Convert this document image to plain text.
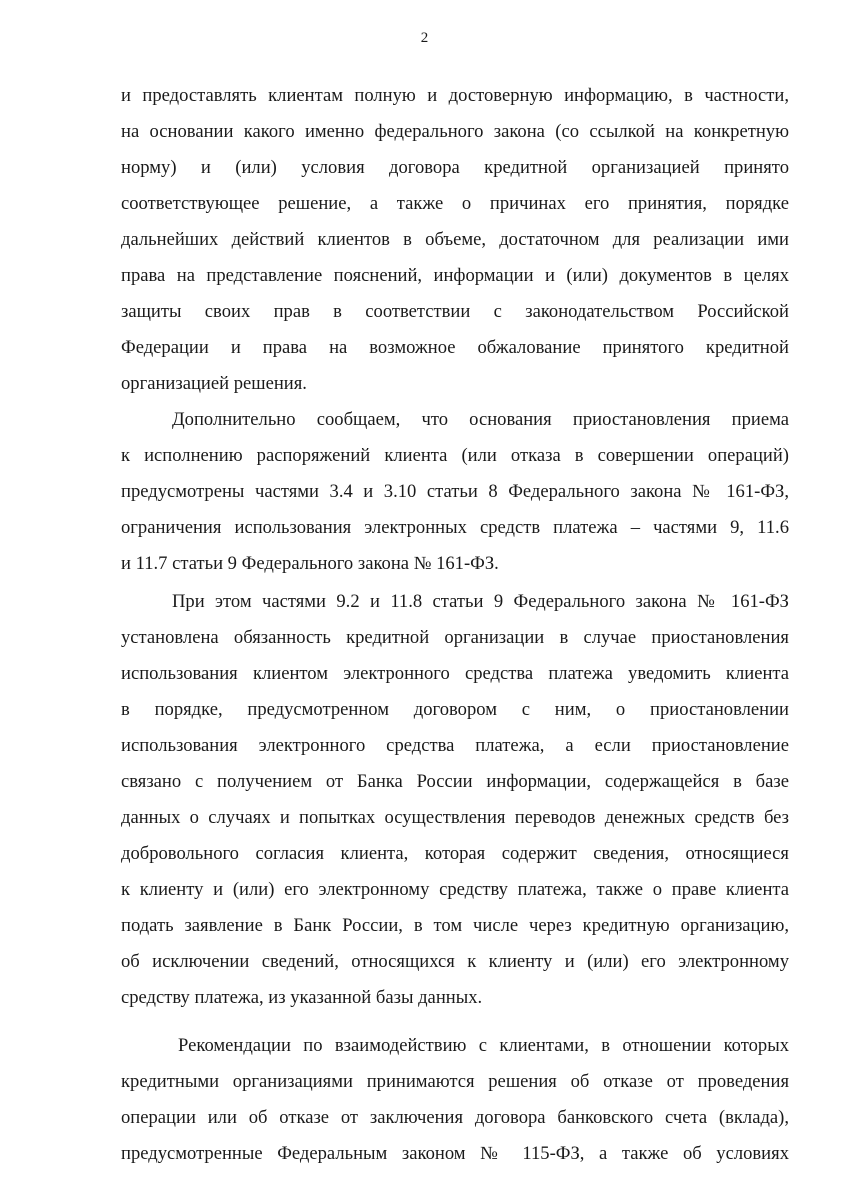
2

и предоставлять клиентам полную и достоверную информацию, в частности,
на основании какого именно федерального закона (со ссылкой на конкретную
норму) и (или) условия договора кредитной организацией принято
соответствующее решение, а также о причинах его принятия, порядке
дальнейших действий клиентов в объеме, достаточном для реализации ими
права на представление пояснений, информации и (или) документов в целях
защиты своих прав в соответствии с законодательством Российской
Федерации и права на возможное обжалование принятого кредитной
организацией решения.

Дополнительно сообщаем, что основания приостановления приема
к исполнению распоряжений клиента (или отказа в совершении операций)
предусмотрены частями 3.4 и 3.10 статьи 8 Федерального закона № 161-ФЗ,
ограничения использования электронных средств платежа – частями 9, 11.6
и 11.7 статьи 9 Федерального закона № 161-ФЗ.

При этом частями 9.2 и 11.8 статьи 9 Федерального закона № 161-ФЗ
установлена обязанность кредитной организации в случае приостановления
использования клиентом электронного средства платежа уведомить клиента
в порядке, предусмотренном договором с ним, о приостановлении
использования электронного средства платежа, а если приостановление
связано с получением от Банка России информации, содержащейся в базе
данных о случаях и попытках осуществления переводов денежных средств без
добровольного согласия клиента, которая содержит сведения, относящиеся
к клиенту и (или) его электронному средству платежа, также о праве клиента
подать заявление в Банк России, в том числе через кредитную организацию,
об исключении сведений, относящихся к клиенту и (или) его электронному
средству платежа, из указанной базы данных.

Рекомендации по взаимодействию с клиентами, в отношении которых
кредитными организациями принимаются решения об отказе от проведения
операции или об отказе от заключения договора банковского счета (вклада),
предусмотренные Федеральным законом № 115-ФЗ, а также об условиях
